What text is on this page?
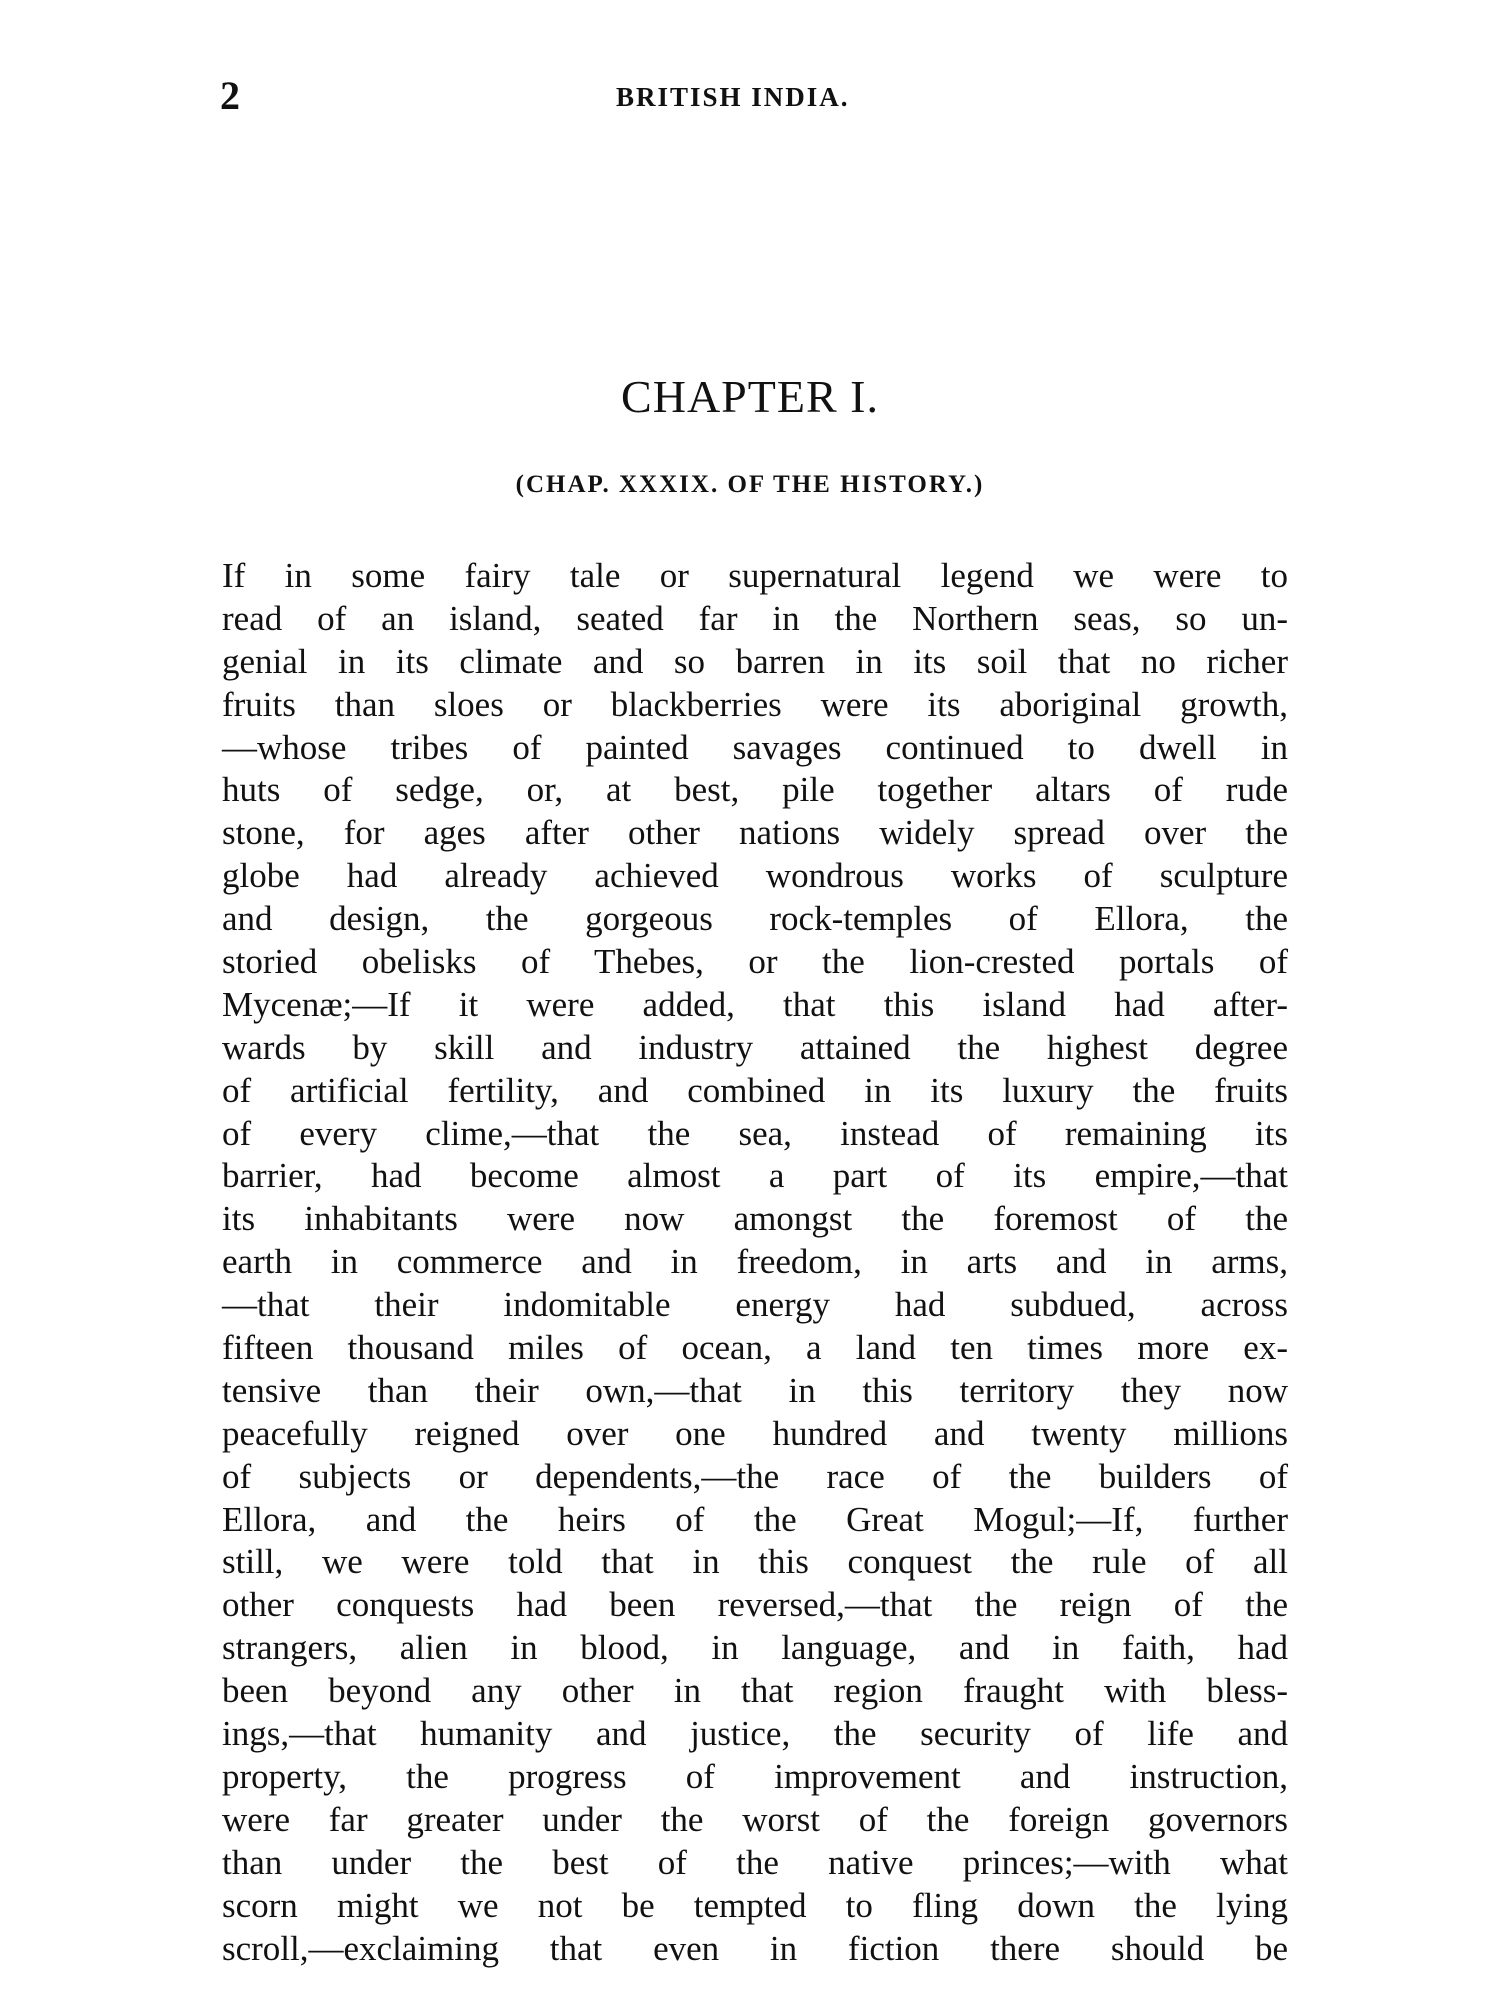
2	BRITISH INDIA.
CHAPTER I.
(CHAP. XXXIX. OF THE HISTORY.)
If in some fairy tale or supernatural legend we were to
read of an island, seated far in the Northern seas, so un-
genial in its climate and so barren in its soil that no richer
fruits than sloes or blackberries were its aboriginal growth,
—whose tribes of painted savages continued to dwell in
huts of sedge, or, at best, pile together altars of rude
stone, for ages after other nations widely spread over the
globe had already achieved wondrous works of sculpture
and design, the gorgeous rock-temples of Ellora, the
storied obelisks of Thebes, or the lion-crested portals of
Mycenæ;—If it were added, that this island had after-
wards by skill and industry attained the highest degree
of artificial fertility, and combined in its luxury the fruits
of every clime,—that the sea, instead of remaining its
barrier, had become almost a part of its empire,—that
its inhabitants were now amongst the foremost of the
earth in commerce and in freedom, in arts and in arms,
—that their indomitable energy had subdued, across
fifteen thousand miles of ocean, a land ten times more ex-
tensive than their own,—that in this territory they now
peacefully reigned over one hundred and twenty millions
of subjects or dependents,—the race of the builders of
Ellora, and the heirs of the Great Mogul;—If, further
still, we were told that in this conquest the rule of all
other conquests had been reversed,—that the reign of the
strangers, alien in blood, in language, and in faith, had
been beyond any other in that region fraught with bless-
ings,—that humanity and justice, the security of life and
property, the progress of improvement and instruction,
were far greater under the worst of the foreign governors
than under the best of the native princes;—with what
scorn might we not be tempted to fling down the lying
scroll,—exclaiming that even in fiction there should be
